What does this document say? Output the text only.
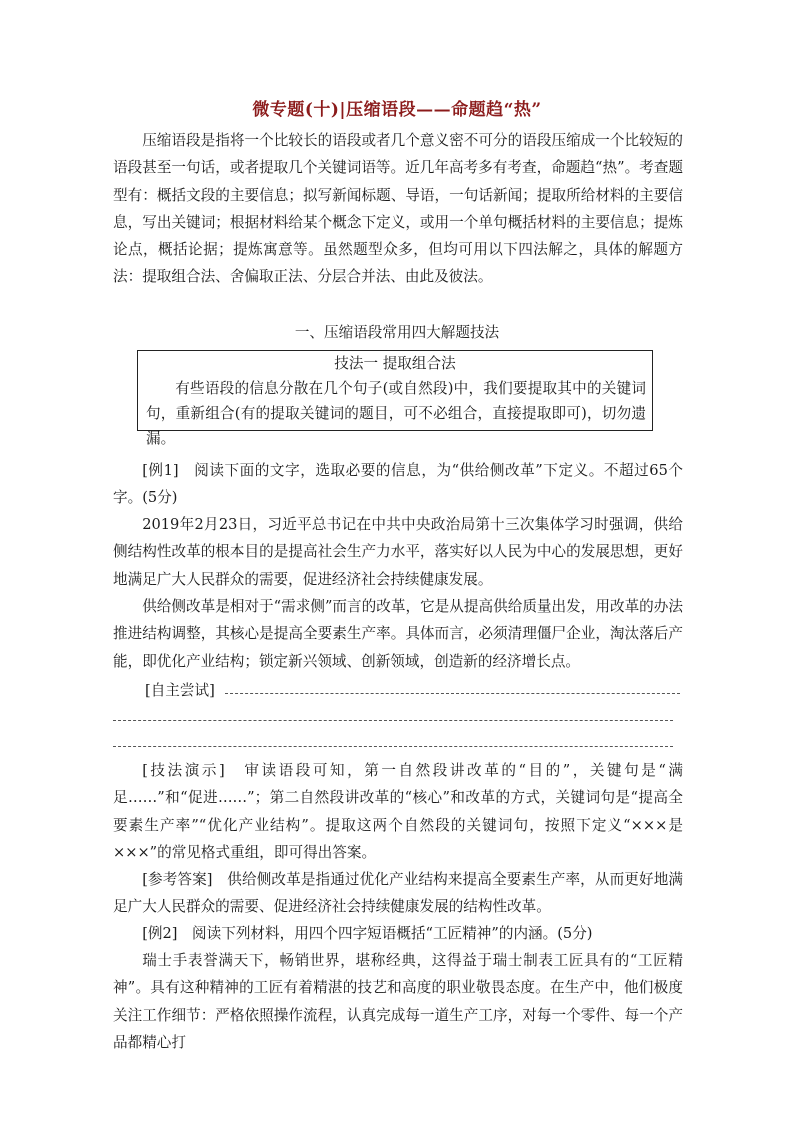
微专题(十)|压缩语段——命题趋“热”

压缩语段是指将一个比较长的语段或者几个意义密不可分的语段压缩成一个比较短的语段甚至一句话，或者提取几个关键词语等。近几年高考多有考查，命题趋“热”。考查题型有：概括文段的主要信息；拟写新闻标题、导语，一句话新闻；提取所给材料的主要信息，写出关键词；根据材料给某个概念下定义，或用一个单句概括材料的主要信息；提炼论点，概括论据；提炼寓意等。虽然题型众多，但均可用以下四法解之，具体的解题方法：提取组合法、舍偏取正法、分层合并法、由此及彼法。

一、压缩语段常用四大解题技法
技法一 提取组合法

有些语段的信息分散在几个句子(或自然段)中，我们要提取其中的关键词句，重新组合(有的提取关键词的题目，可不必组合，直接提取即可)，切勿遗漏。

[例1]　阅读下面的文字，选取必要的信息，为“供给侧改革”下定义。不超过65个字。(5分)

2019年2月23日，习近平总书记在中共中央政治局第十三次集体学习时强调，供给侧结构性改革的根本目的是提高社会生产力水平，落实好以人民为中心的发展思想，更好地满足广大人民群众的需要，促进经济社会持续健康发展。

供给侧改革是相对于“需求侧”而言的改革，它是从提高供给质量出发，用改革的办法推进结构调整，其核心是提高全要素生产率。具体而言，必须清理僵尸企业，淘汰落后产能，即优化产业结构；锁定新兴领域、创新领域，创造新的经济增长点。

[自主尝试]

[技法演示]　审读语段可知，第一自然段讲改革的“目的”，关键句是“满足……”和“促进……”；第二自然段讲改革的“核心”和改革的方式，关键词句是“提高全要素生产率”“优化产业结构”。提取这两个自然段的关键词句，按照下定义“×××是×××”的常见格式重组，即可得出答案。

[参考答案]　供给侧改革是指通过优化产业结构来提高全要素生产率，从而更好地满足广大人民群众的需要、促进经济社会持续健康发展的结构性改革。

[例2]　阅读下列材料，用四个四字短语概括“工匠精神”的内涵。(5分)

瑞士手表誉满天下，畅销世界，堪称经典，这得益于瑞士制表工匠具有的“工匠精神”。具有这种精神的工匠有着精湛的技艺和高度的职业敬畏态度。在生产中，他们极度关注工作细节：严格依照操作流程，认真完成每一道生产工序，对每一个零件、每一个产品都精心打
